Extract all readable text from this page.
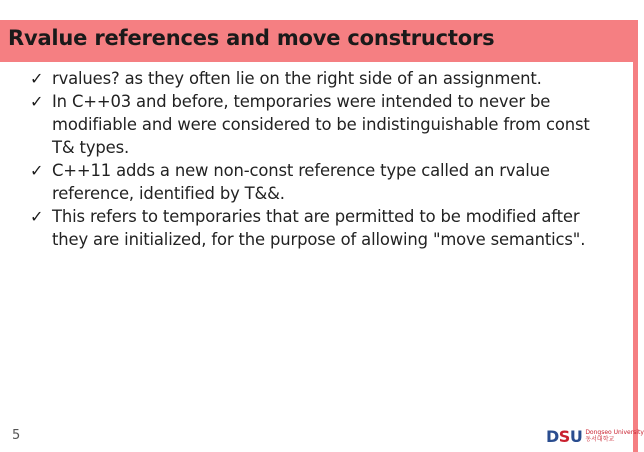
Rvalue references and move constructors
✓ rvalues? as they often lie on the right side of an assignment.
✓ In C++03 and before, temporaries were intended to never be modifiable and were considered to be indistinguishable from const T& types.
✓ C++11 adds a new non-const reference type called an rvalue reference, identified by T&&.
✓ This refers to temporaries that are permitted to be modified after they are initialized, for the purpose of allowing "move semantics".
5	DSU Dongseo University
동서대학교
